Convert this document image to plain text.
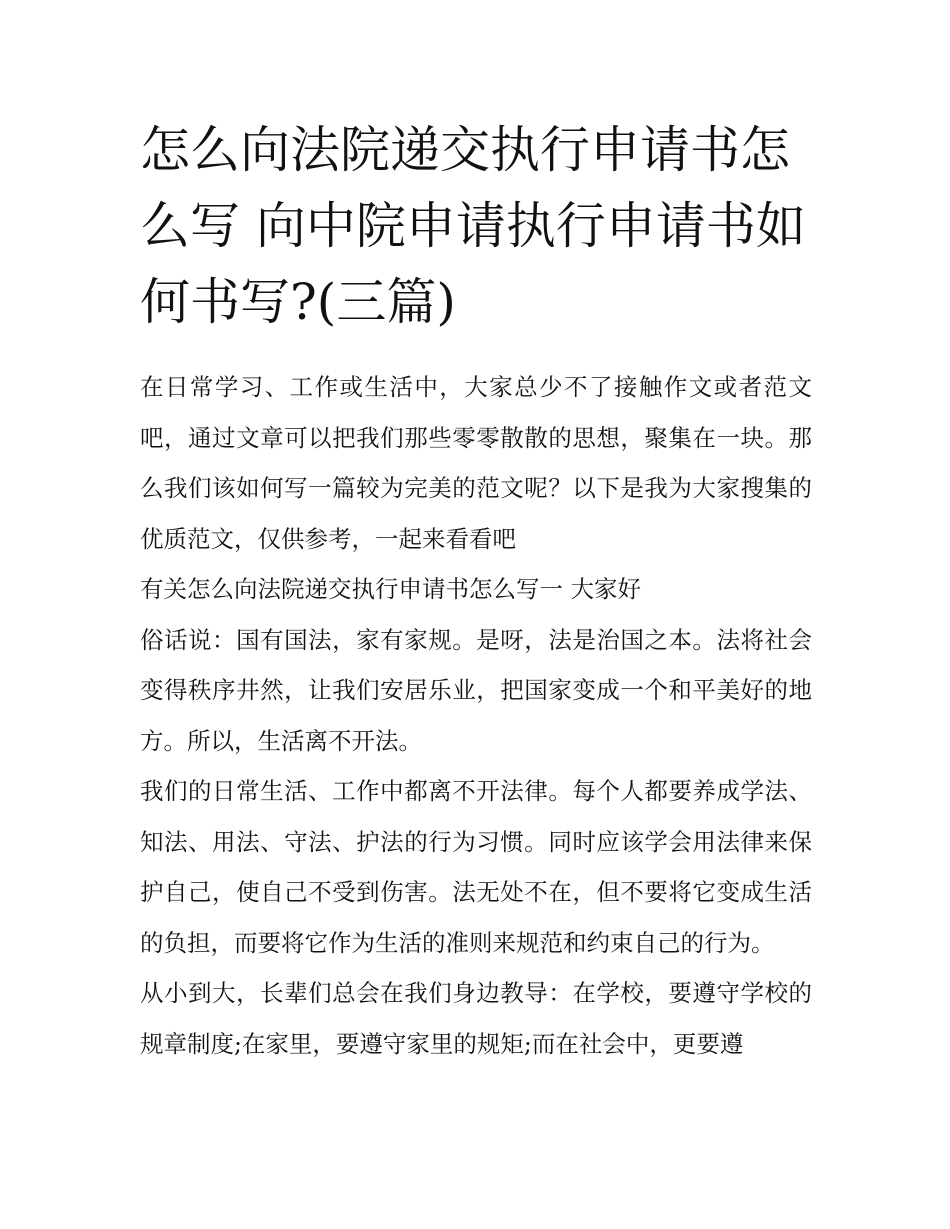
怎么向法院递交执行申请书怎么写 向中院申请执行申请书如何书写?(三篇)

在日常学习、工作或生活中，大家总少不了接触作文或者范文吧，通过文章可以把我们那些零零散散的思想，聚集在一块。那么我们该如何写一篇较为完美的范文呢？以下是我为大家搜集的优质范文，仅供参考，一起来看看吧

有关怎么向法院递交执行申请书怎么写一 大家好

俗话说：国有国法，家有家规。是呀，法是治国之本。法将社会变得秩序井然，让我们安居乐业，把国家变成一个和平美好的地方。所以，生活离不开法。

我们的日常生活、工作中都离不开法律。每个人都要养成学法、知法、用法、守法、护法的行为习惯。同时应该学会用法律来保护自己，使自己不受到伤害。法无处不在，但不要将它变成生活的负担，而要将它作为生活的准则来规范和约束自己的行为。

从小到大，长辈们总会在我们身边教导：在学校，要遵守学校的规章制度;在家里，要遵守家里的规矩;而在社会中，更要遵
